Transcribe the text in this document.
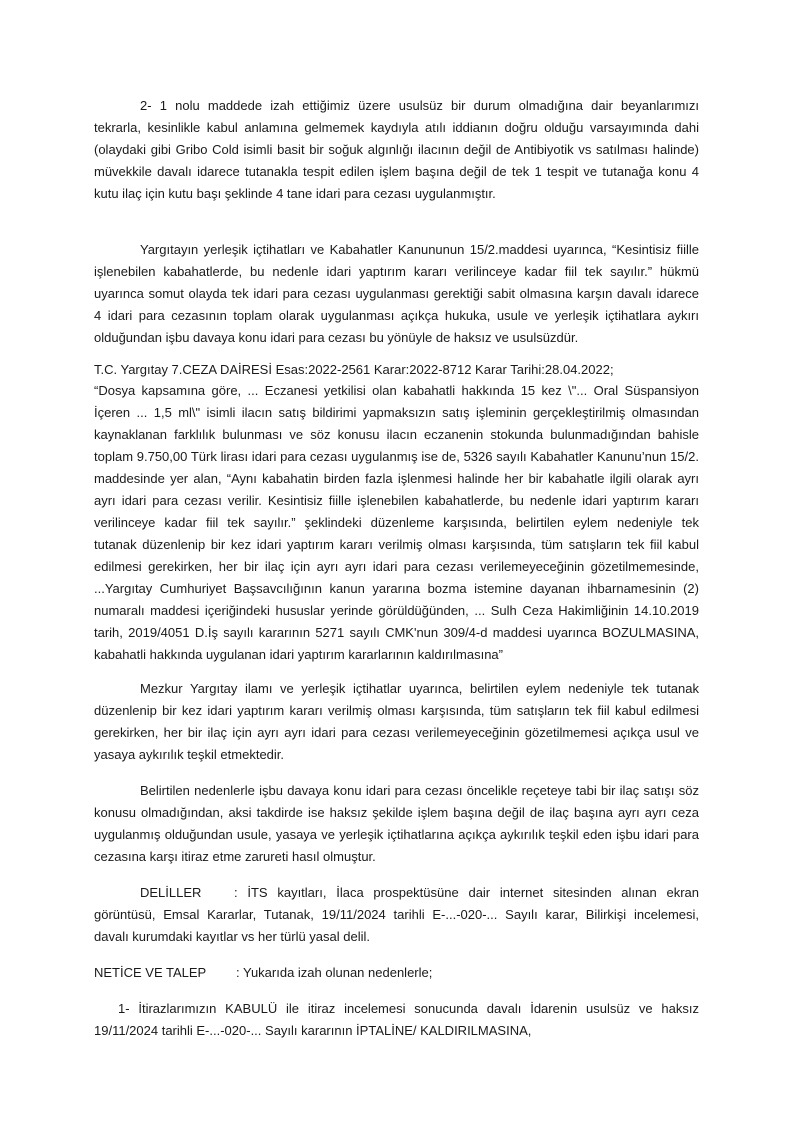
2- 1 nolu maddede izah ettiğimiz üzere usulsüz bir durum olmadığına dair beyanlarımızı
tekrarla, kesinlikle kabul anlamına gelmemek kaydıyla atılı iddianın doğru olduğu varsayımında dahi
(olaydaki gibi Gribo Cold isimli basit bir soğuk algınlığı ilacının değil de Antibiyotik vs satılması halinde)
müvekkile davalı idarece tutanakla tespit edilen işlem başına değil de tek 1 tespit ve tutanağa konu 4
kutu ilaç için kutu başı şeklinde 4 tane idari para cezası uygulanmıştır.
Yargıtayın yerleşik içtihatları ve Kabahatler Kanununun 15/2.maddesi uyarınca, “Kesintisiz fiille
işlenebilen kabahatlerde, bu nedenle idari yaptırım kararı verilinceye kadar fiil tek sayılır.” hükmü
uyarınca somut olayda tek idari para cezası uygulanması gerektiği sabit olmasına karşın davalı idarece
4 idari para cezasının toplam olarak uygulanması açıkça hukuka, usule ve yerleşik içtihatlara aykırı
olduğundan işbu davaya konu idari para cezası bu yönüyle de haksız ve usulsüzdür.
T.C. Yargıtay 7.CEZA DAİRESİ Esas:2022-2561 Karar:2022-8712 Karar Tarihi:28.04.2022;
“Dosya kapsamına göre, ... Eczanesi yetkilisi olan kabahatli hakkında 15 kez \"... Oral Süspansiyon
İçeren ... 1,5 ml\" isimli ilacın satış bildirimi yapmaksızın satış işleminin gerçekleştirilmiş olmasından
kaynaklanan farklılık bulunması ve söz konusu ilacın eczanenin stokunda bulunmadığından bahisle
toplam 9.750,00 Türk lirası idari para cezası uygulanmış ise de, 5326 sayılı Kabahatler Kanunu’nun 15/2.
maddesinde yer alan, “Aynı kabahatin birden fazla işlenmesi halinde her bir kabahatle ilgili olarak ayrı
ayrı idari para cezası verilir. Kesintisiz fiille işlenebilen kabahatlerde, bu nedenle idari yaptırım kararı
verilinceye kadar fiil tek sayılır.” şeklindeki düzenleme karşısında, belirtilen eylem nedeniyle tek
tutanak düzenlenip bir kez idari yaptırım kararı verilmiş olması karşısında, tüm satışların tek fiil kabul
edilmesi gerekirken, her bir ilaç için ayrı ayrı idari para cezası verilemeyeceğinin gözetilmemesinde,
...Yargıtay Cumhuriyet Başsavcılığının kanun yararına bozma istemine dayanan ihbarnamesinin (2)
numaralı maddesi içeriğindeki hususlar yerinde görüldüğünden, ... Sulh Ceza Hakimliğinin 14.10.2019
tarih, 2019/4051 D.İş sayılı kararının 5271 sayılı CMK'nun 309/4-d maddesi uyarınca BOZULMASINA,
kabahatli hakkında uygulanan idari yaptırım kararlarının kaldırılmasına”
Mezkur Yargıtay ilamı ve yerleşik içtihatlar uyarınca, belirtilen eylem nedeniyle tek tutanak
düzenlenip bir kez idari yaptırım kararı verilmiş olması karşısında, tüm satışların tek fiil kabul edilmesi
gerekirken, her bir ilaç için ayrı ayrı idari para cezası verilemeyeceğinin gözetilmemesi açıkça usul ve
yasaya aykırılık teşkil etmektedir.
Belirtilen nedenlerle işbu davaya konu idari para cezası öncelikle reçeteye tabi bir ilaç satışı söz
konusu olmadığından, aksi takdirde ise haksız şekilde işlem başına değil de ilaç başına ayrı ayrı ceza
uygulanmış olduğundan usule, yasaya ve yerleşik içtihatlarına açıkça aykırılık teşkil eden işbu idari para
cezasına karşı itiraz etme zarureti hasıl olmuştur.
DELİLLER	: İTS kayıtları, İlaca prospektüsüne dair internet sitesinden alınan ekran
görüntüsü, Emsal Kararlar, Tutanak, 19/11/2024 tarihli E-...-020-... Sayılı karar, Bilirkişi incelemesi,
davalı kurumdaki kayıtlar vs her türlü yasal delil.
NETİCE VE TALEP : Yukarıda izah olunan nedenlerle;
1- İtirazlarımızın KABULÜ ile itiraz incelemesi sonucunda davalı İdarenin usulsüz ve haksız
19/11/2024 tarihli E-...-020-... Sayılı kararının İPTALİNE/ KALDIRILMASINA,
